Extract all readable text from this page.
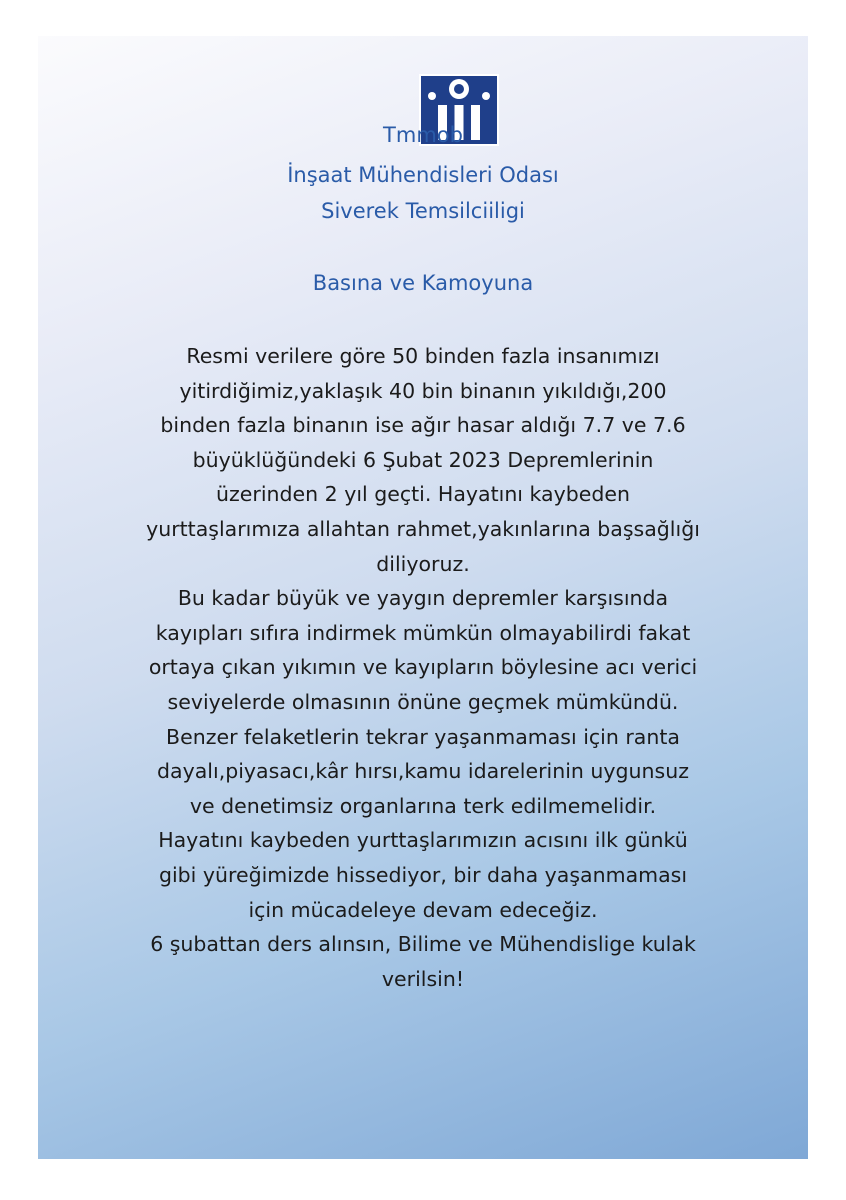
Tmmob
İnşaat Mühendisleri Odası
Siverek Temsilciiligi
Basına ve Kamoyuna
Resmi verilere göre 50 binden fazla insanımızı
yitirdiğimiz,yaklaşık 40 bin binanın yıkıldığı,200
binden fazla binanın ise ağır hasar aldığı 7.7 ve 7.6
büyüklüğündeki 6 Şubat 2023 Depremlerinin
üzerinden 2 yıl geçti. Hayatını kaybeden
yurttaşlarımıza allahtan rahmet,yakınlarına başsağlığı
diliyoruz.
Bu kadar büyük ve yaygın depremler karşısında
kayıpları sıfıra indirmek mümkün olmayabilirdi fakat
ortaya çıkan yıkımın ve kayıpların böylesine acı verici
seviyelerde olmasının önüne geçmek mümkündü.
Benzer felaketlerin tekrar yaşanmaması için ranta
dayalı,piyasacı,kâr hırsı,kamu idarelerinin uygunsuz
ve denetimsiz organlarına terk edilmemelidir.
Hayatını kaybeden yurttaşlarımızın acısını ilk günkü
gibi yüreğimizde hissediyor, bir daha yaşanmaması
için mücadeleye devam edeceğiz.
6 şubattan ders alınsın, Bilime ve Mühendislige kulak
verilsin!
